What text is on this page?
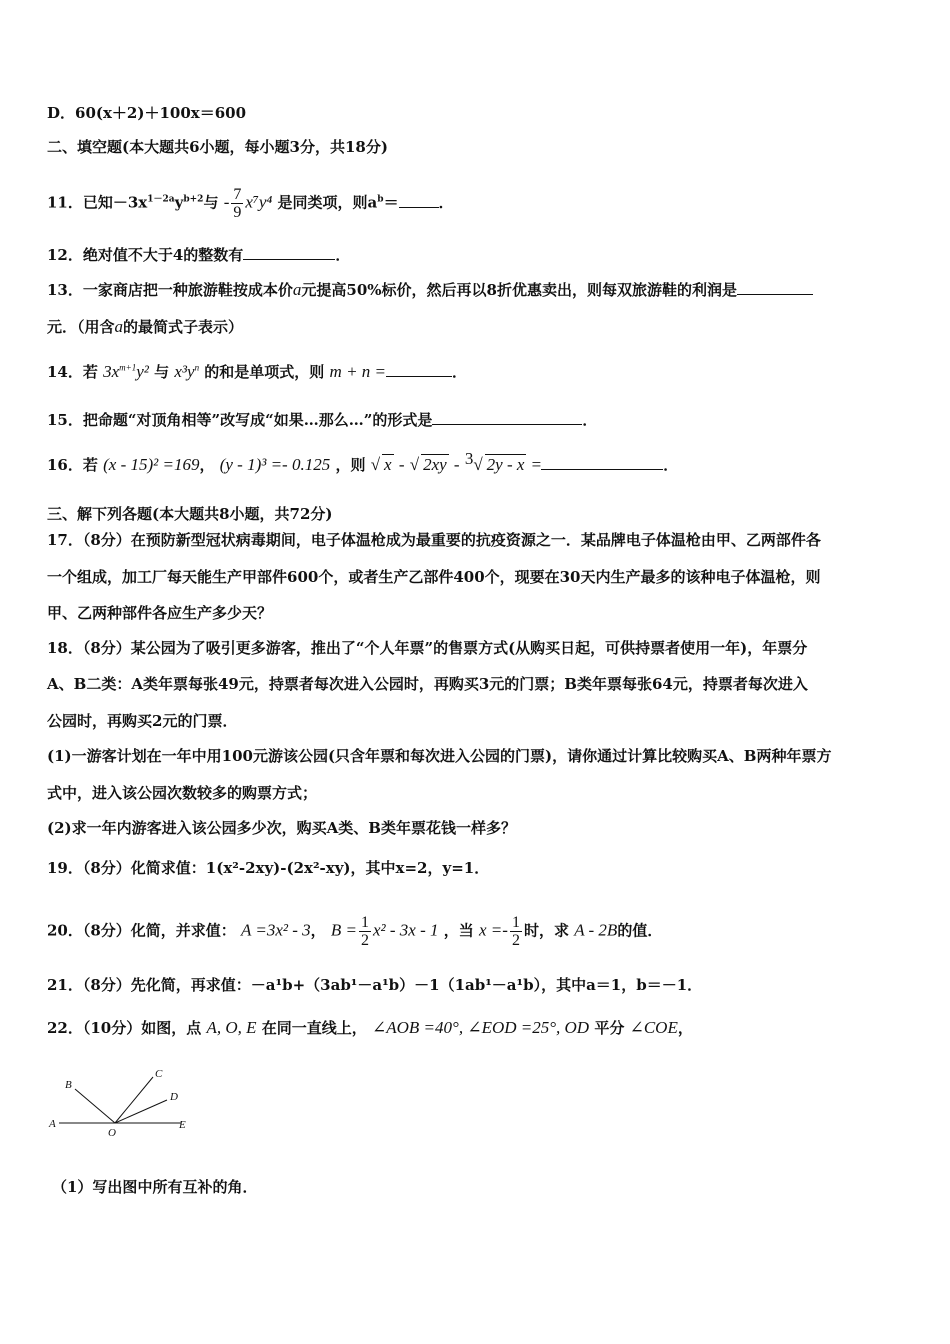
D．60(x＋2)＋100x＝600
二、填空题(本大题共6小题，每小题3分，共18分)
11．已知$-3x^{1-2a}y^{b+2}$与 - $\frac{7}{9} x^7y^4$ 是同类项，则$a^b=$	．
12．绝对值不大于4的整数有	．
13．一家商店把一种旅游鞋按成本价a元提高50%标价，然后再以8折优惠卖出，则每双旅游鞋的利润是
元．（用含a的最简式子表示）
14．若 $3x^{m+1}y^2$ 与 $x^3y^n$ 的和是单项式，则 m + n =	．
15．把命题“对顶角相等”改写成“如果…那么…”的形式是	．
16．若 (x - 15)² =169， (y - 1)³ =- 0.125 ，则 √ x - √ 2xy - $^3$√ 2y - x =	．
三、解下列各题(本大题共8小题，共72分)
17．（8分）在预防新型冠状病毒期间，电子体温枪成为最重要的抗疫资源之一．某品牌电子体温枪由甲、乙两部件各
一个组成，加工厂每天能生产甲部件600个，或者生产乙部件400个，现要在30天内生产最多的该种电子体温枪，则
甲、乙两种部件各应生产多少天？
18．（8分）某公园为了吸引更多游客，推出了“个人年票”的售票方式(从购买日起，可供持票者使用一年)，年票分
A、B二类：A类年票每张49元，持票者每次进入公园时，再购买3元的门票；B类年票每张64元，持票者每次进入
公园时，再购买2元的门票．
(1)一游客计划在一年中用100元游该公园(只含年票和每次进入公园的门票)，请你通过计算比较购买A、B两种年票方
式中，进入该公园次数较多的购票方式；
(2)求一年内游客进入该公园多少次，购买A类、B类年票花钱一样多？
19．（8分）化简求值：1(x²-2xy)-(2x²-xy)，其中x=2，y=1．
20．（8分）化简，并求值： A =3x² - 3， $B = \frac{1}{2} x^2 - 3x - 1$ ，当 $x =- \frac{1}{2}$ 时，求 A - 2B的值．
21．（8分）先化简，再求值：－a¹b+（3ab¹－a¹b）－1（1ab¹－a¹b），其中a＝1，b＝－1．
22．（10分）如图，点 A, O, E 在同一直线上， ∠AOB =40°, ∠EOD =25°, OD 平分 ∠COE，
A
B
C
D
O
E
（1）写出图中所有互补的角．
